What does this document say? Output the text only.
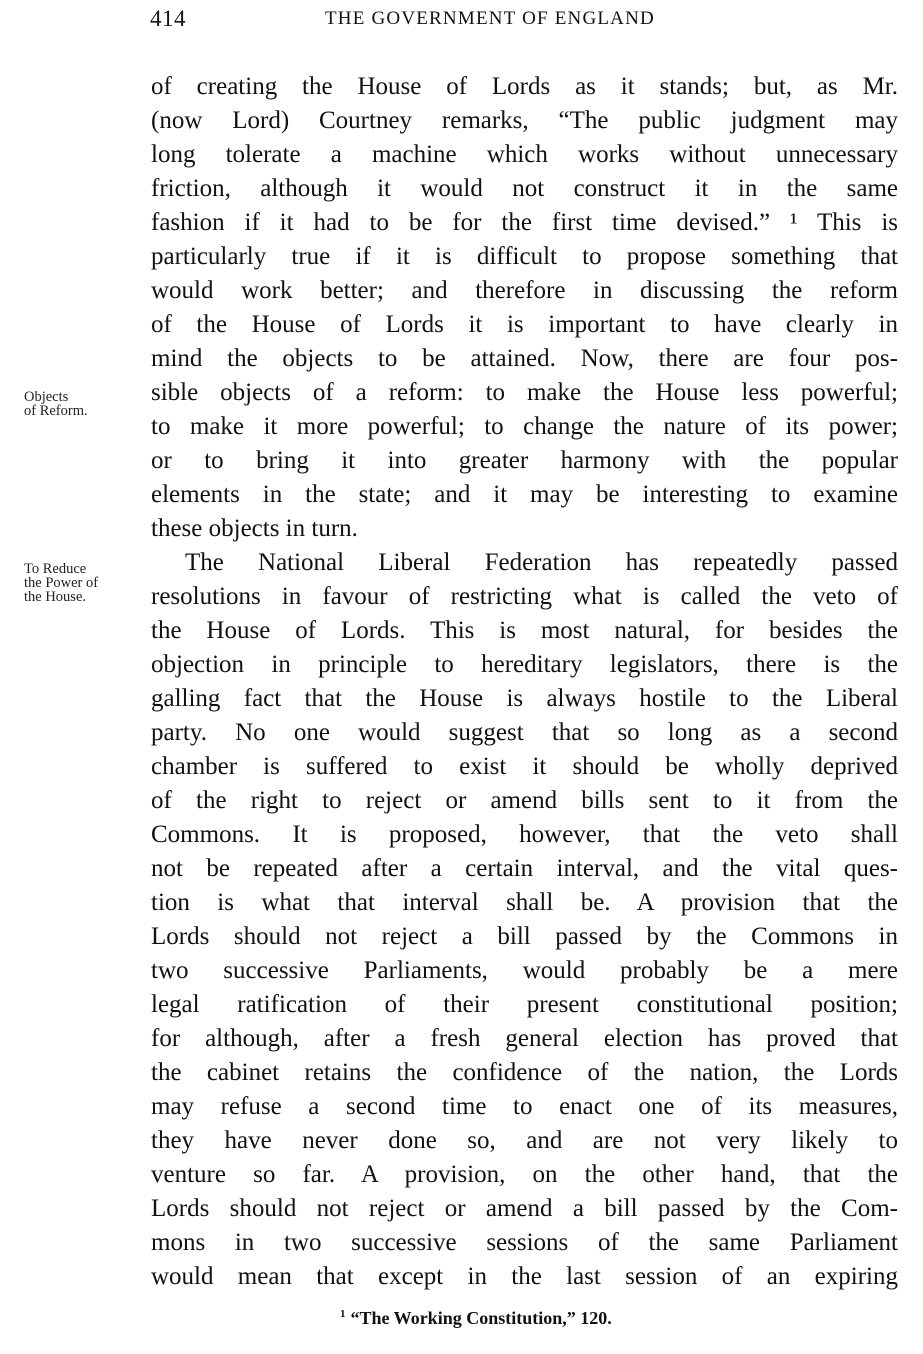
414	THE GOVERNMENT OF ENGLAND
Objects
of Reform.
To Reduce
the Power of
the House.
of creating the House of Lords as it stands; but, as Mr.
(now Lord) Courtney remarks, “The public judgment may
long tolerate a machine which works without unnecessary
friction, although it would not construct it in the same
fashion if it had to be for the first time devised.” ¹ This is
particularly true if it is difficult to propose something that
would work better; and therefore in discussing the reform
of the House of Lords it is important to have clearly in
mind the objects to be attained. Now, there are four pos-
sible objects of a reform: to make the House less powerful;
to make it more powerful; to change the nature of its power;
or to bring it into greater harmony with the popular
elements in the state; and it may be interesting to examine
these objects in turn.
The National Liberal Federation has repeatedly passed
resolutions in favour of restricting what is called the veto of
the House of Lords. This is most natural, for besides the
objection in principle to hereditary legislators, there is the
galling fact that the House is always hostile to the Liberal
party. No one would suggest that so long as a second
chamber is suffered to exist it should be wholly deprived
of the right to reject or amend bills sent to it from the
Commons. It is proposed, however, that the veto shall
not be repeated after a certain interval, and the vital ques-
tion is what that interval shall be. A provision that the
Lords should not reject a bill passed by the Commons in
two successive Parliaments, would probably be a mere
legal ratification of their present constitutional position;
for although, after a fresh general election has proved that
the cabinet retains the confidence of the nation, the Lords
may refuse a second time to enact one of its measures,
they have never done so, and are not very likely to
venture so far. A provision, on the other hand, that the
Lords should not reject or amend a bill passed by the Com-
mons in two successive sessions of the same Parliament
would mean that except in the last session of an expiring
$^1$ “The Working Constitution,” 120.
